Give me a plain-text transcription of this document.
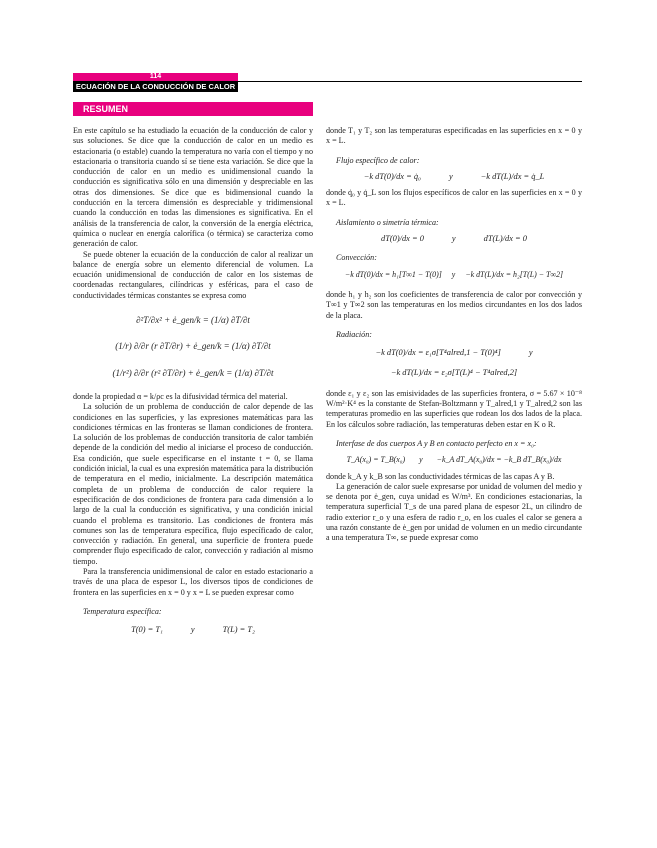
114
ECUACIÓN DE LA CONDUCCIÓN DE CALOR
RESUMEN

En este capítulo se ha estudiado la ecuación de la conducción de calor y sus soluciones. Se dice que la conducción de calor en un medio es estacionaria (o estable) cuando la temperatura no varía con el tiempo y no estacionaria o transitoria cuando sí se tiene esta variación. Se dice que la conducción de calor en un medio es unidimensional cuando la conducción es significativa sólo en una dimensión y despreciable en las otras dos dimensiones. Se dice que es bidimensional cuando la conducción en la tercera dimensión es despreciable y tridimensional cuando la conducción en todas las dimensiones es significativa. En el análisis de la transferencia de calor, la conversión de la energía eléctrica, química o nuclear en energía calorífica (o térmica) se caracteriza como generación de calor.

Se puede obtener la ecuación de la conducción de calor al realizar un balance de energía sobre un elemento diferencial de volumen. La ecuación unidimensional de conducción de calor en los sistemas de coordenadas rectangulares, cilíndricas y esféricas, para el caso de conductividades térmicas constantes se expresa como

∂²T/∂x² + ė_gen/k = (1/α) ∂T/∂t
(1/r) ∂/∂r (r ∂T/∂r) + ė_gen/k = (1/α) ∂T/∂t
(1/r²) ∂/∂r (r² ∂T/∂r) + ė_gen/k = (1/α) ∂T/∂t

donde la propiedad α = k/ρc es la difusividad térmica del material.

La solución de un problema de conducción de calor depende de las condiciones en las superficies, y las expresiones matemáticas para las condiciones térmicas en las fronteras se llaman condiciones de frontera. La solución de los problemas de conducción transitoria de calor también depende de la condición del medio al iniciarse el proceso de conducción. Esa condición, que suele especificarse en el instante t = 0, se llama condición inicial, la cual es una expresión matemática para la distribución de temperatura en el medio, inicialmente. La descripción matemática completa de un problema de conducción de calor requiere la especificación de dos condiciones de frontera para cada dimensión a lo largo de la cual la conducción es significativa, y una condición inicial cuando el problema es transitorio. Las condiciones de frontera más comunes son las de temperatura específica, flujo específicado de calor, convección y radiación. En general, una superficie de frontera puede comprender flujo especificado de calor, convección y radiación al mismo tiempo.

Para la transferencia unidimensional de calor en estado estacionario a través de una placa de espesor L, los diversos tipos de condiciones de frontera en las superficies en x = 0 y x = L se pueden expresar como

Temperatura específica:
T(0) = T₁	y	T(L) = T₂

donde T₁ y T₂ son las temperaturas especificadas en las superficies en x = 0 y x = L.

Flujo específico de calor:
−k dT(0)/dx = q̇₀	y	−k dT(L)/dx = q̇_L

donde q̇₀ y q̇_L son los flujos específicos de calor en las superficies en x = 0 y x = L.

Aislamiento o simetría térmica:
dT(0)/dx = 0	y	dT(L)/dx = 0
Convección:
−k dT(0)/dx = h₁[T∞1 − T(0)] y −k dT(L)/dx = h₂[T(L) − T∞2]

donde h₁ y h₂ son los coeficientes de transferencia de calor por convección y T∞1 y T∞2 son las temperaturas en los medios circundantes en los dos lados de la placa.

Radiación:
−k dT(0)/dx = ε₁σ[T⁴alred,1 − T(0)⁴]	y
−k dT(L)/dx = ε₂σ[T(L)⁴ − T⁴alred,2]

donde ε₁ y ε₂ son las emisividades de las superficies frontera, σ = 5.67 × 10⁻⁸ W/m²·K⁴ es la constante de Stefan-Boltzmann y T_alred,1 y T_alred,2 son las temperaturas promedio en las superficies que rodean los dos lados de la placa. En los cálculos sobre radiación, las temperaturas deben estar en K o R.

Interfase de dos cuerpos A y B en contacto perfecto en x = x₀:
T_A(x₀) = T_B(x₀) y −k_A dT_A(x₀)/dx = −k_B dT_B(x₀)/dx

donde k_A y k_B son las conductividades térmicas de las capas A y B.

La generación de calor suele expresarse por unidad de volumen del medio y se denota por ė_gen, cuya unidad es W/m³. En condiciones estacionarias, la temperatura superficial T_s de una pared plana de espesor 2L, un cilindro de radio exterior r_o y una esfera de radio r_o, en los cuales el calor se genera a una razón constante de ė_gen por unidad de volumen en un medio circundante a una temperatura T∞, se puede expresar como
